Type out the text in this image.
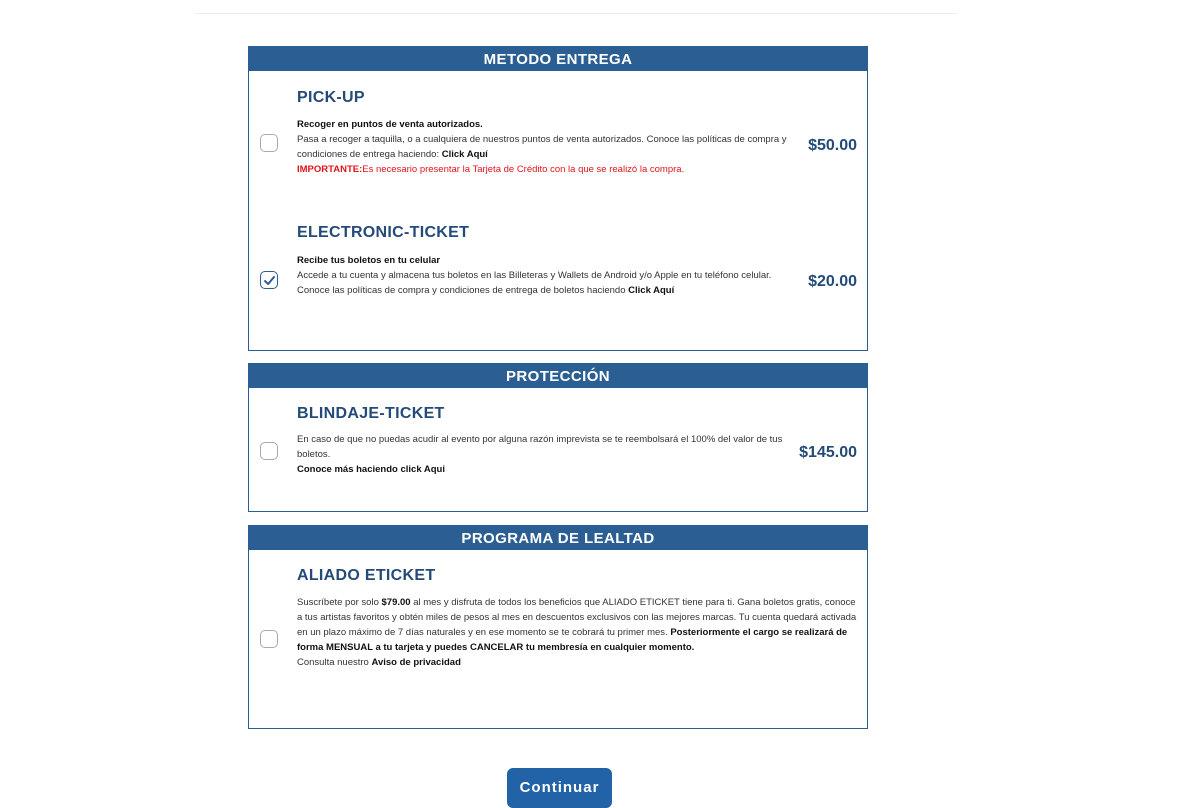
METODO ENTREGA
PICK-UP
Recoger en puntos de venta autorizados.
Pasa a recoger a taquilla, o a cualquiera de nuestros puntos de venta autorizados. Conoce las políticas de compra y condiciones de entrega haciendo: Click Aquí
IMPORTANTE:Es necesario presentar la Tarjeta de Crédito con la que se realizó la compra.
$50.00
ELECTRONIC-TICKET
Recibe tus boletos en tu celular
Accede a tu cuenta y almacena tus boletos en las Billeteras y Wallets de Android y/o Apple en tu teléfono celular. Conoce las políticas de compra y condiciones de entrega de boletos haciendo Click Aquí
$20.00
PROTECCIÓN
BLINDAJE-TICKET
En caso de que no puedas acudir al evento por alguna razón imprevista se te reembolsará el 100% del valor de tus boletos.
Conoce más haciendo click Aqui
$145.00
PROGRAMA DE LEALTAD
ALIADO ETICKET
Suscríbete por solo $79.00 al mes y disfruta de todos los beneficios que ALIADO ETICKET tiene para ti. Gana boletos gratis, conoce a tus artistas favoritos y obtén miles de pesos al mes en descuentos exclusivos con las mejores marcas. Tu cuenta quedará activada en un plazo máximo de 7 días naturales y en ese momento se te cobrará tu primer mes. Posteriormente el cargo se realizará de forma MENSUAL a tu tarjeta y puedes CANCELAR tu membresía en cualquier momento.
Consulta nuestro Aviso de privacidad
Continuar
